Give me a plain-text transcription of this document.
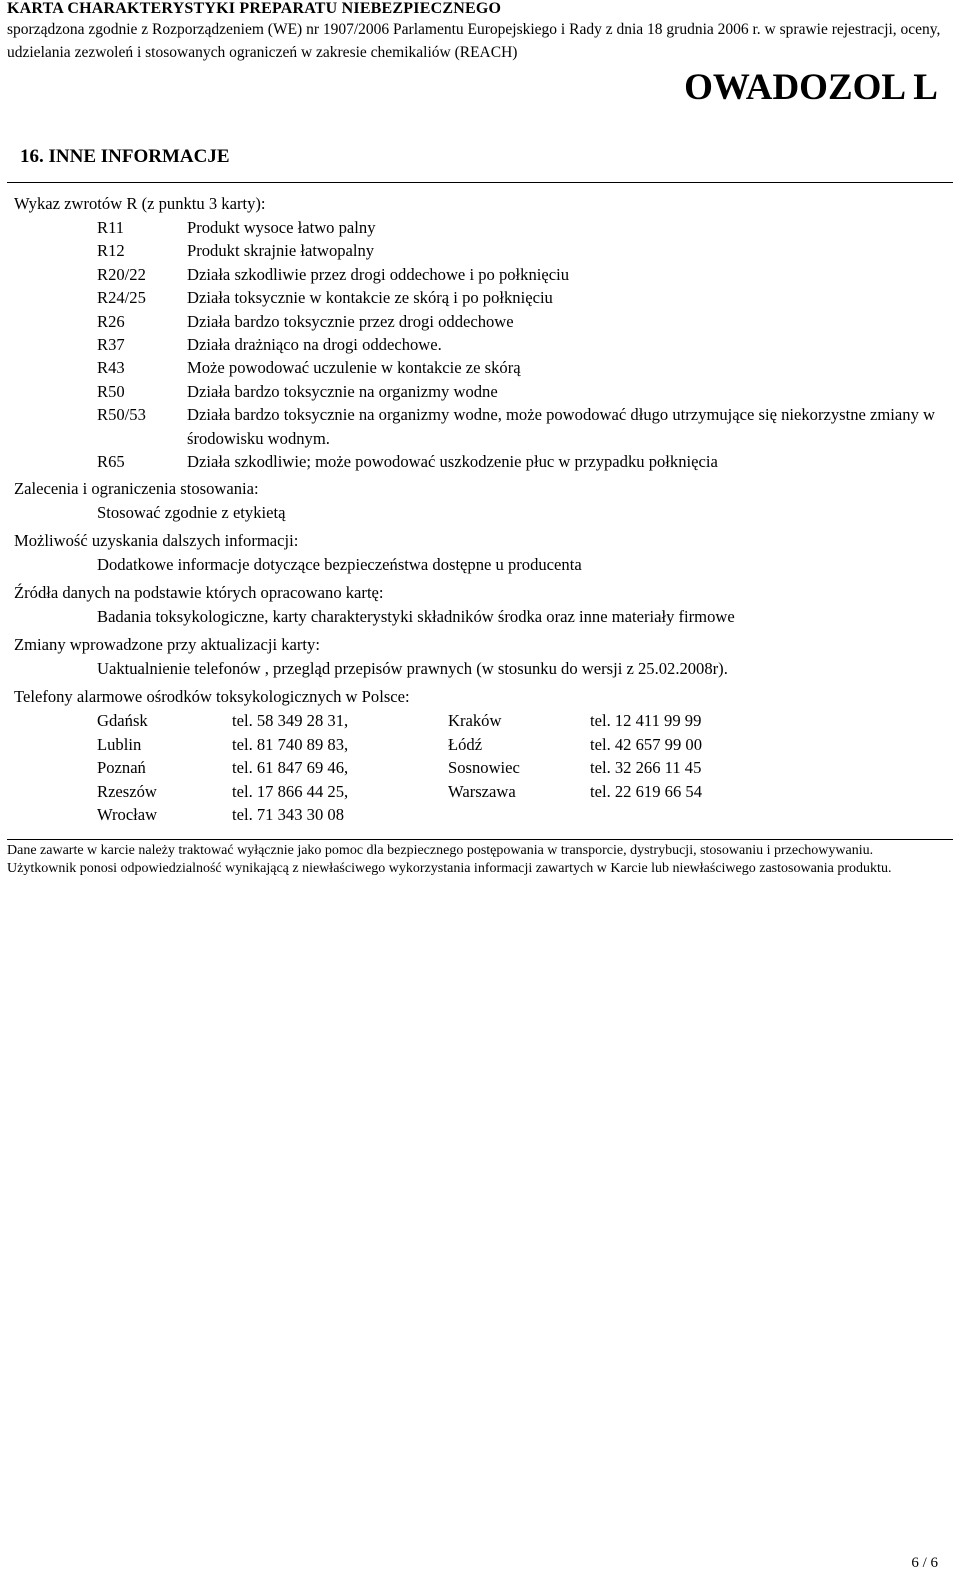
KARTA CHARAKTERYSTYKI PREPARATU NIEBEZPIECZNEGO
sporządzona zgodnie z Rozporządzeniem (WE) nr 1907/2006 Parlamentu Europejskiego i Rady z dnia 18 grudnia 2006 r. w sprawie rejestracji, oceny, udzielania zezwoleń i stosowanych ograniczeń w zakresie chemikaliów (REACH)
OWADOZOL L
16. INNE INFORMACJE
Wykaz zwrotów R (z punktu 3 karty):
R11	Produkt wysoce łatwo palny
R12	Produkt skrajnie łatwopalny
R20/22	Działa szkodliwie przez drogi oddechowe i po połknięciu
R24/25	Działa toksycznie w kontakcie ze skórą i po połknięciu
R26	Działa bardzo toksycznie przez drogi oddechowe
R37	Działa drażniąco na drogi oddechowe.
R43	Może powodować uczulenie w kontakcie ze skórą
R50	Działa bardzo toksycznie na organizmy wodne
R50/53	Działa bardzo toksycznie na organizmy wodne, może powodować długo utrzymujące się niekorzystne zmiany w środowisku wodnym.
R65	Działa szkodliwie; może powodować uszkodzenie płuc w przypadku połknięcia
Zalecenia i ograniczenia stosowania:
Stosować zgodnie z etykietą
Możliwość uzyskania dalszych informacji:
Dodatkowe informacje dotyczące bezpieczeństwa dostępne u producenta
Źródła danych na podstawie których opracowano kartę:
Badania toksykologiczne, karty charakterystyki składników środka oraz inne materiały firmowe
Zmiany wprowadzone przy aktualizacji karty:
Uaktualnienie telefonów , przegląd przepisów prawnych (w stosunku do wersji z 25.02.2008r).
Telefony alarmowe ośrodków toksykologicznych w Polsce:
Gdańsk	tel. 58 349 28 31,	Kraków	tel. 12 411 99 99
Lublin	tel. 81 740 89 83,	Łódź	tel. 42 657 99 00
Poznań	tel. 61 847 69 46,	Sosnowiec	tel. 32 266 11 45
Rzeszów	tel. 17 866 44 25,	Warszawa	tel. 22 619 66 54
Wrocław	tel. 71 343 30 08
Dane zawarte w karcie należy traktować wyłącznie jako pomoc dla bezpiecznego postępowania w transporcie, dystrybucji, stosowaniu i przechowywaniu. Użytkownik ponosi odpowiedzialność wynikającą z niewłaściwego wykorzystania informacji zawartych w Karcie lub niewłaściwego zastosowania produktu.
6 / 6
